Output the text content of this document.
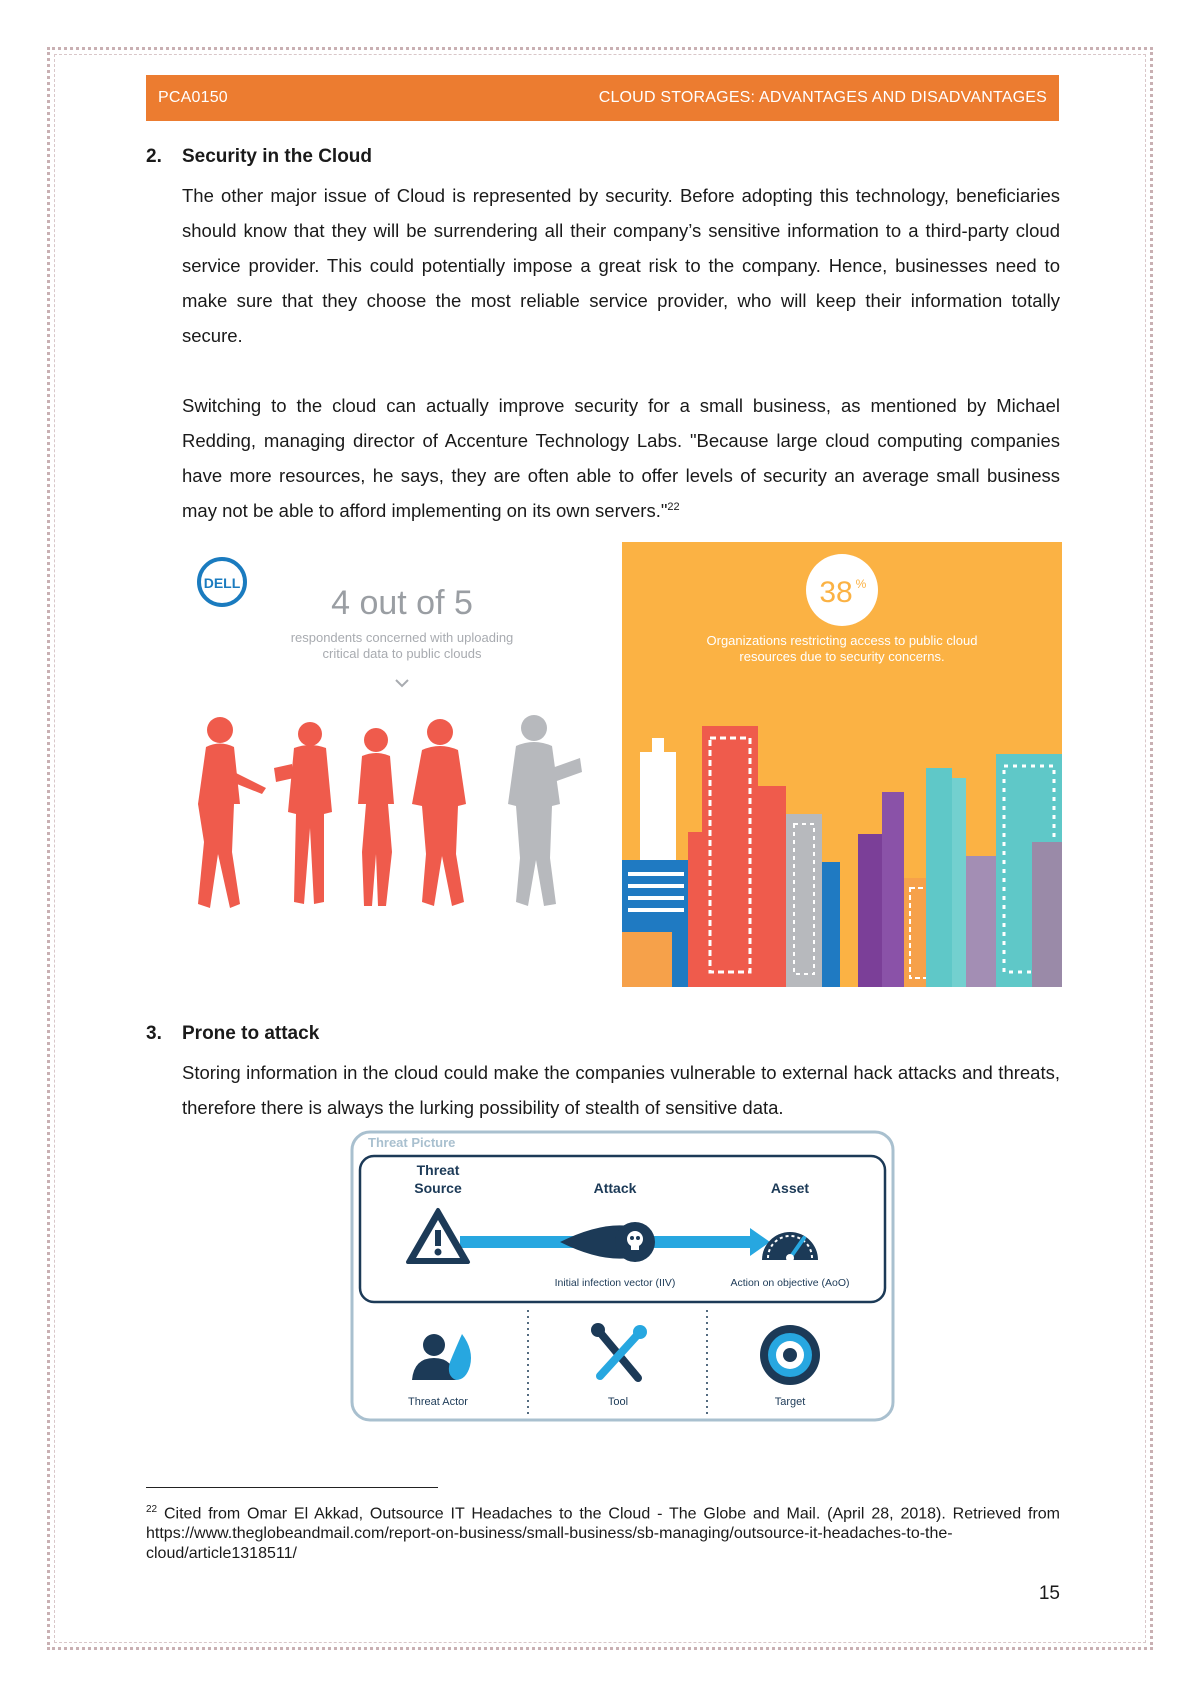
PCA0150	CLOUD STORAGES: ADVANTAGES AND DISADVANTAGES
2. Security in the Cloud

The other major issue of Cloud is represented by security. Before adopting this technology, beneficiaries should know that they will be surrendering all their company’s sensitive information to a third-party cloud service provider. This could potentially impose a great risk to the company. Hence, businesses need to make sure that they choose the most reliable service provider, who will keep their information totally secure.

Switching to the cloud can actually improve security for a small business, as mentioned by Michael Redding, managing director of Accenture Technology Labs. "Because large cloud computing companies have more resources, he says, they are often able to offer levels of security an average small business may not be able to afford implementing on its own servers."$^{22}$

DELL
4 out of 5
respondents concerned with uploading
critical data to public clouds
38 %
Organizations restricting access to public cloud
resources due to security concerns.
3. Prone to attack

Storing information in the cloud could make the companies vulnerable to external hack attacks and threats, therefore there is always the lurking possibility of stealth of sensitive data.

Threat Picture
Threat
Source	Attack	Asset
Initial infection vector (IIV)	Action on objective (AoO)
Threat Actor	Tool	Target

$^{22}$ Cited from Omar El Akkad, Outsource IT Headaches to the Cloud - The Globe and Mail. (April 28, 2018). Retrieved from https://www.theglobeandmail.com/report-on-business/small-business/sb-managing/outsource-it-headaches-to-the-cloud/article1318511/

15
